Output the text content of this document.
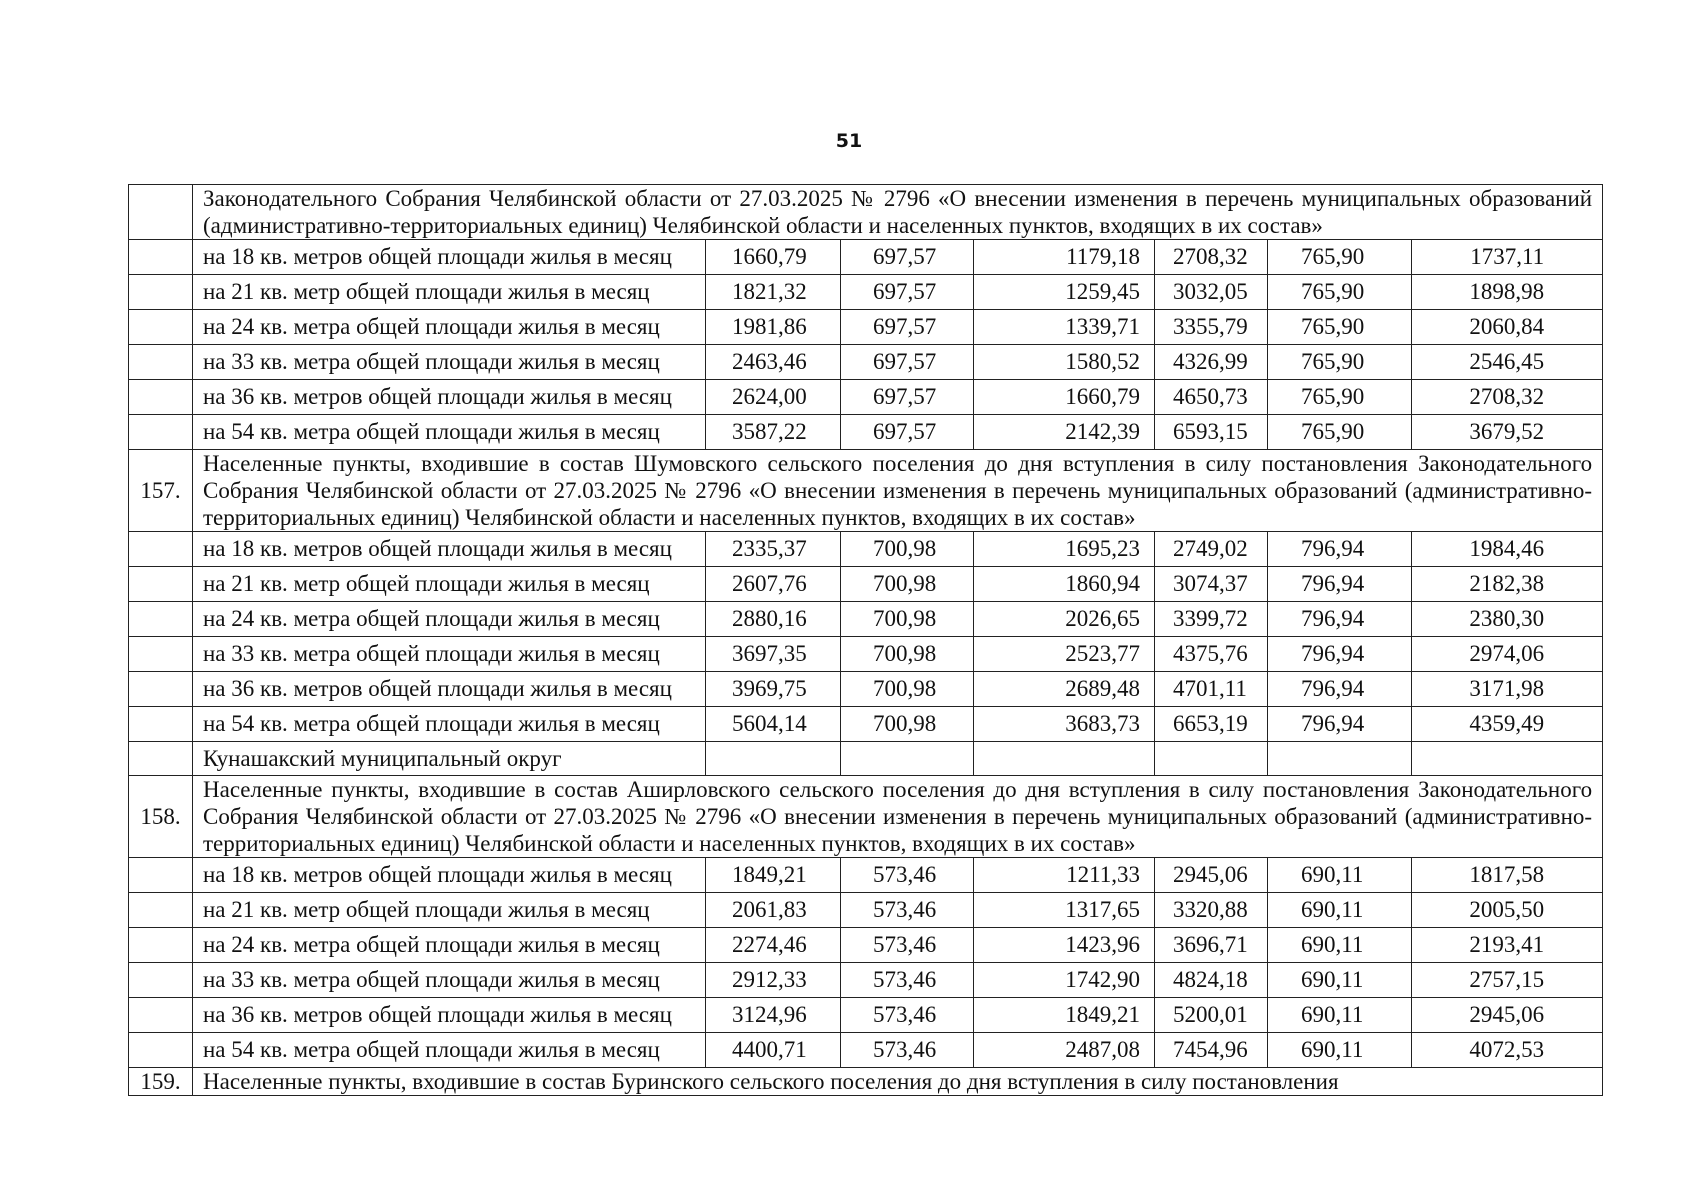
51
	Законодательного Собрания Челябинской области от 27.03.2025 № 2796 «О внесении изменения в перечень муниципальных образований (административно-территориальных единиц) Челябинской области и населенных пунктов, входящих в их состав»						
	на 18 кв. метров общей площади жилья в месяц	1660,79	697,57	1179,18	2708,32	765,90	1737,11
	на 21 кв. метр общей площади жилья в месяц	1821,32	697,57	1259,45	3032,05	765,90	1898,98
	на 24 кв. метра общей площади жилья в месяц	1981,86	697,57	1339,71	3355,79	765,90	2060,84
	на 33 кв. метра общей площади жилья в месяц	2463,46	697,57	1580,52	4326,99	765,90	2546,45
	на 36 кв. метров общей площади жилья в месяц	2624,00	697,57	1660,79	4650,73	765,90	2708,32
	на 54 кв. метра общей площади жилья в месяц	3587,22	697,57	2142,39	6593,15	765,90	3679,52
157.	Населенные пункты, входившие в состав Шумовского сельского поселения до дня вступления в силу постановления Законодательного Собрания Челябинской области от 27.03.2025 № 2796 «О внесении изменения в перечень муниципальных образований (административно-территориальных единиц) Челябинской области и населенных пунктов, входящих в их состав»						
	на 18 кв. метров общей площади жилья в месяц	2335,37	700,98	1695,23	2749,02	796,94	1984,46
	на 21 кв. метр общей площади жилья в месяц	2607,76	700,98	1860,94	3074,37	796,94	2182,38
	на 24 кв. метра общей площади жилья в месяц	2880,16	700,98	2026,65	3399,72	796,94	2380,30
	на 33 кв. метра общей площади жилья в месяц	3697,35	700,98	2523,77	4375,76	796,94	2974,06
	на 36 кв. метров общей площади жилья в месяц	3969,75	700,98	2689,48	4701,11	796,94	3171,98
	на 54 кв. метра общей площади жилья в месяц	5604,14	700,98	3683,73	6653,19	796,94	4359,49
	Кунашакский муниципальный округ						
158.	Населенные пункты, входившие в состав Аширловского сельского поселения до дня вступления в силу постановления Законодательного Собрания Челябинской области от 27.03.2025 № 2796 «О внесении изменения в перечень муниципальных образований (административно-территориальных единиц) Челябинской области и населенных пунктов, входящих в их состав»						
	на 18 кв. метров общей площади жилья в месяц	1849,21	573,46	1211,33	2945,06	690,11	1817,58
	на 21 кв. метр общей площади жилья в месяц	2061,83	573,46	1317,65	3320,88	690,11	2005,50
	на 24 кв. метра общей площади жилья в месяц	2274,46	573,46	1423,96	3696,71	690,11	2193,41
	на 33 кв. метра общей площади жилья в месяц	2912,33	573,46	1742,90	4824,18	690,11	2757,15
	на 36 кв. метров общей площади жилья в месяц	3124,96	573,46	1849,21	5200,01	690,11	2945,06
	на 54 кв. метра общей площади жилья в месяц	4400,71	573,46	2487,08	7454,96	690,11	4072,53
159.	Населенные пункты, входившие в состав Буринского сельского поселения до дня вступления в силу постановления						
